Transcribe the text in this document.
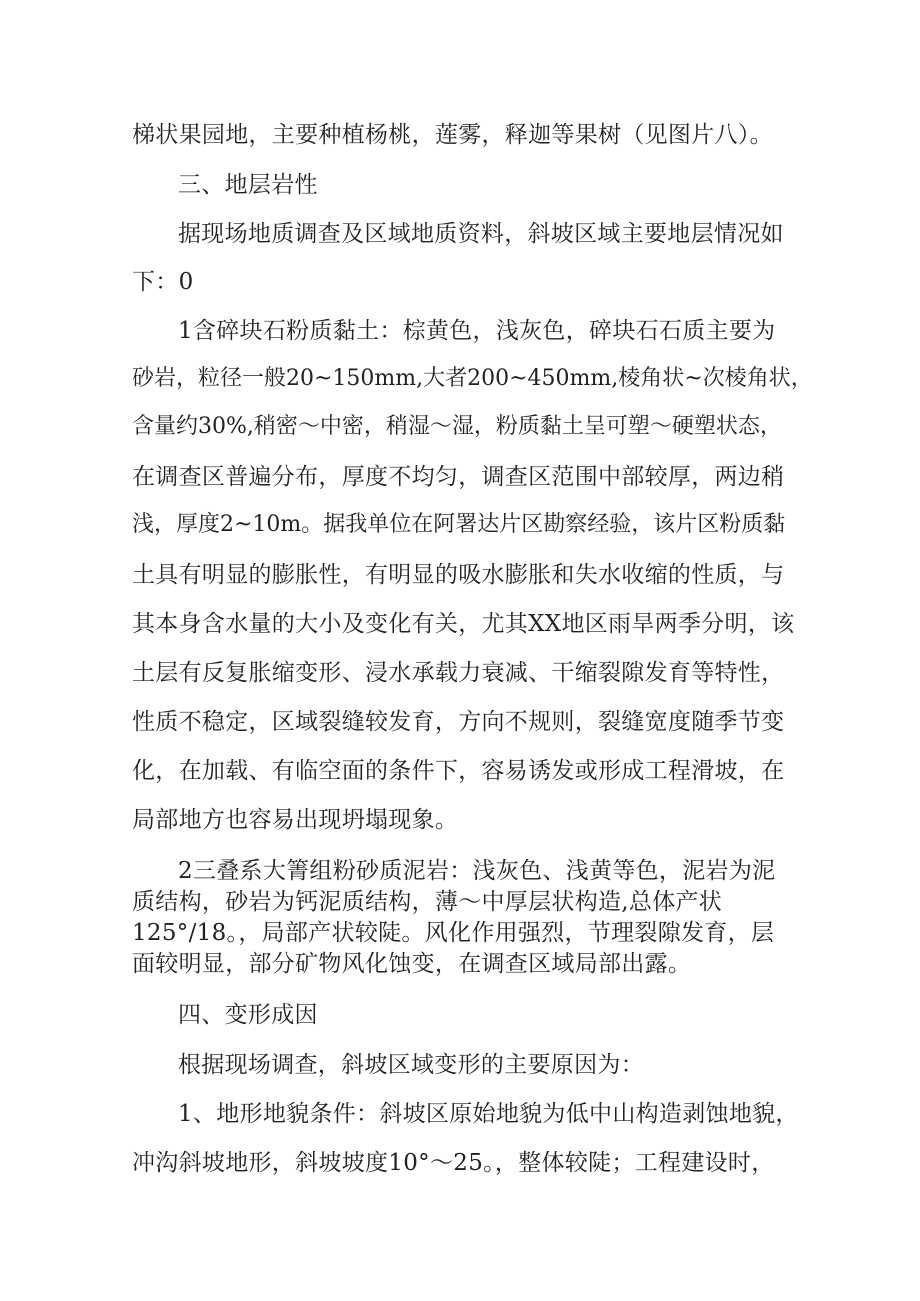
梯状果园地，主要种植杨桃，莲雾，释迦等果树（见图片八）。
三、地层岩性
据现场地质调查及区域地质资料，斜坡区域主要地层情况如
下：0
1含碎块石粉质黏土：棕黄色，浅灰色，碎块石石质主要为
砂岩，粒径一般20~150mm,大者200~450mm,棱角状~次棱角状，
含量约30%,稍密～中密，稍湿～湿，粉质黏土呈可塑～硬塑状态，
在调查区普遍分布，厚度不均匀，调查区范围中部较厚，两边稍
浅，厚度2~10m。据我单位在阿署达片区勘察经验，该片区粉质黏
土具有明显的膨胀性，有明显的吸水膨胀和失水收缩的性质，与
其本身含水量的大小及变化有关，尤其XX地区雨旱两季分明，该
土层有反复胀缩变形、浸水承载力衰减、干缩裂隙发育等特性，
性质不稳定，区域裂缝较发育，方向不规则，裂缝宽度随季节变
化，在加载、有临空面的条件下，容易诱发或形成工程滑坡，在
局部地方也容易出现坍塌现象。
2三叠系大箐组粉砂质泥岩：浅灰色、浅黄等色，泥岩为泥
质结构，砂岩为钙泥质结构，薄～中厚层状构造,总体产状
125°/18。，局部产状较陡。风化作用强烈，节理裂隙发育，层
面较明显，部分矿物风化蚀变，在调查区域局部出露。
四、变形成因
根据现场调查，斜坡区域变形的主要原因为：
1、地形地貌条件：斜坡区原始地貌为低中山构造剥蚀地貌，
冲沟斜坡地形，斜坡坡度10°～25。，整体较陡；工程建设时，
